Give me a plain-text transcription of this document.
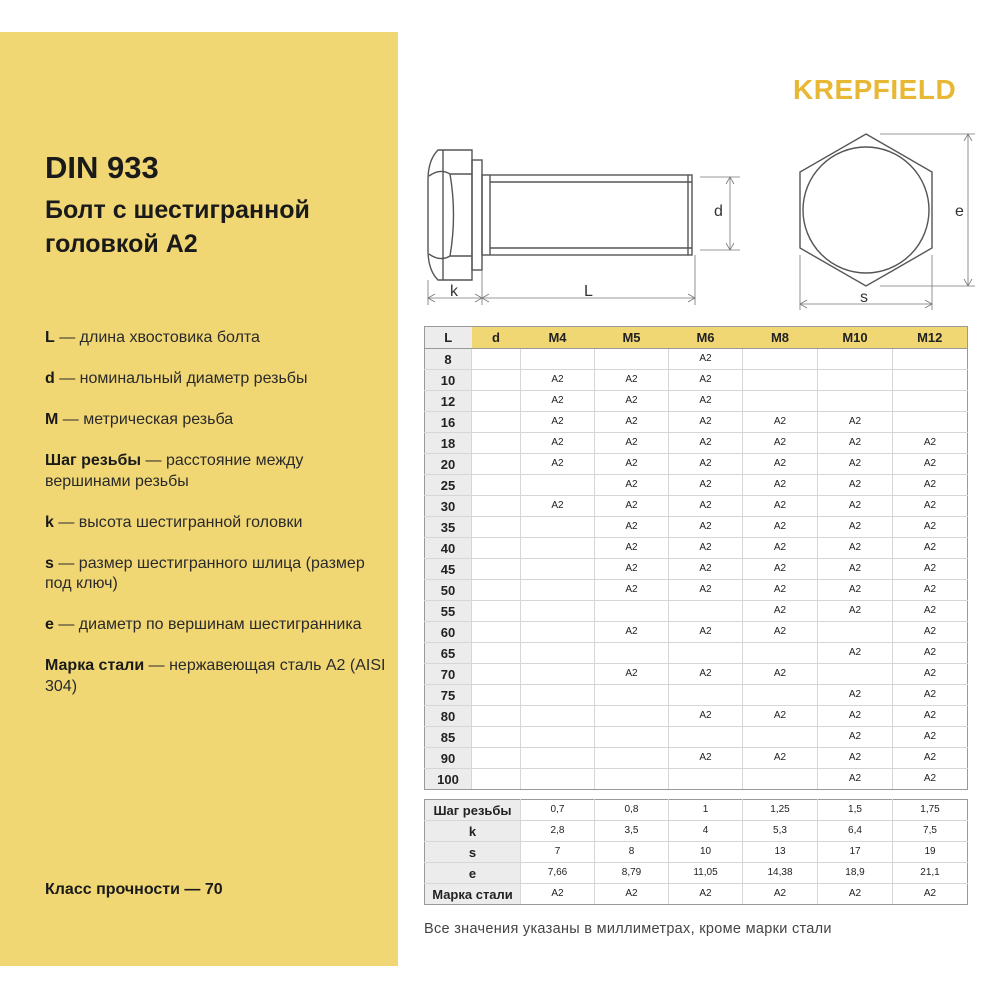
DIN 933
Болт с шестигранной головкой А2
L — длина хвостовика болта
d — номинальный диаметр резьбы
М — метрическая резьба
Шаг резьбы — расстояние между вершинами резьбы
k — высота шестигранной головки
s — размер шестигранного шлица (размер под ключ)
e — диаметр по вершинам шестигранника
Марка стали — нержавеющая сталь А2 (AISI 304)
Класс прочности — 70
KREPFIELD
d
k	L
e
s
L	d	M4	M5	M6	M8	M10	M12
8				A2			
10		A2	A2	A2			
12		A2	A2	A2			
16		A2	A2	A2	A2	A2	
18		A2	A2	A2	A2	A2	A2
20		A2	A2	A2	A2	A2	A2
25			A2	A2	A2	A2	A2
30		A2	A2	A2	A2	A2	A2
35			A2	A2	A2	A2	A2
40			A2	A2	A2	A2	A2
45			A2	A2	A2	A2	A2
50			A2	A2	A2	A2	A2
55					A2	A2	A2
60			A2	A2	A2		A2
65						A2	A2
70			A2	A2	A2		A2
75						A2	A2
80				A2	A2	A2	A2
85						A2	A2
90				A2	A2	A2	A2
100						A2	A2
Шаг резьбы	0,7	0,8	1	1,25	1,5	1,75
k	2,8	3,5	4	5,3	6,4	7,5
s	7	8	10	13	17	19
e	7,66	8,79	11,05	14,38	18,9	21,1
Марка стали	A2	A2	A2	A2	A2	A2
Все значения указаны в миллиметрах, кроме марки стали
